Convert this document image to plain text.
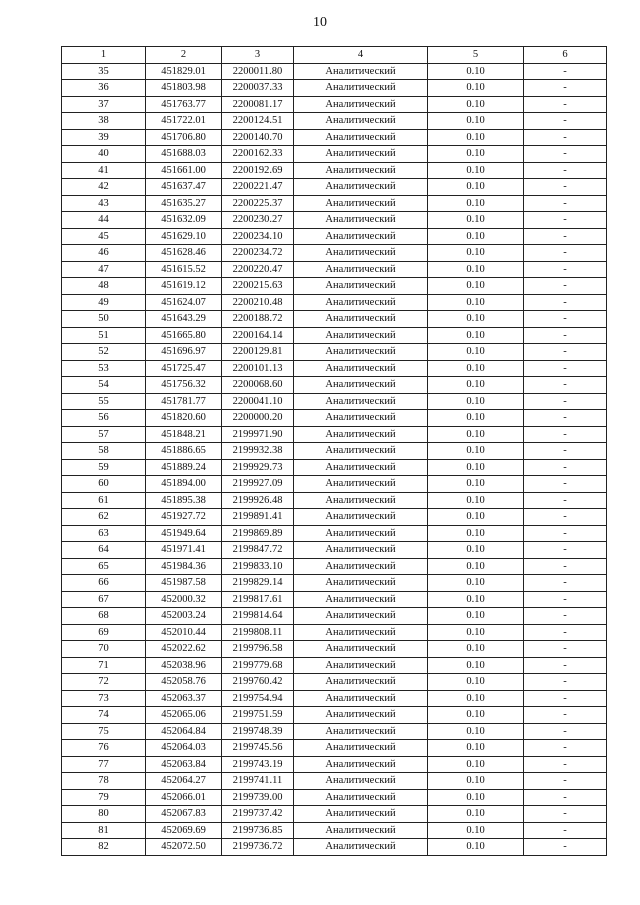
10
1	2	3	4	5	6
35	451829.01	2200011.80	Аналитический	0.10	-
36	451803.98	2200037.33	Аналитический	0.10	-
37	451763.77	2200081.17	Аналитический	0.10	-
38	451722.01	2200124.51	Аналитический	0.10	-
39	451706.80	2200140.70	Аналитический	0.10	-
40	451688.03	2200162.33	Аналитический	0.10	-
41	451661.00	2200192.69	Аналитический	0.10	-
42	451637.47	2200221.47	Аналитический	0.10	-
43	451635.27	2200225.37	Аналитический	0.10	-
44	451632.09	2200230.27	Аналитический	0.10	-
45	451629.10	2200234.10	Аналитический	0.10	-
46	451628.46	2200234.72	Аналитический	0.10	-
47	451615.52	2200220.47	Аналитический	0.10	-
48	451619.12	2200215.63	Аналитический	0.10	-
49	451624.07	2200210.48	Аналитический	0.10	-
50	451643.29	2200188.72	Аналитический	0.10	-
51	451665.80	2200164.14	Аналитический	0.10	-
52	451696.97	2200129.81	Аналитический	0.10	-
53	451725.47	2200101.13	Аналитический	0.10	-
54	451756.32	2200068.60	Аналитический	0.10	-
55	451781.77	2200041.10	Аналитический	0.10	-
56	451820.60	2200000.20	Аналитический	0.10	-
57	451848.21	2199971.90	Аналитический	0.10	-
58	451886.65	2199932.38	Аналитический	0.10	-
59	451889.24	2199929.73	Аналитический	0.10	-
60	451894.00	2199927.09	Аналитический	0.10	-
61	451895.38	2199926.48	Аналитический	0.10	-
62	451927.72	2199891.41	Аналитический	0.10	-
63	451949.64	2199869.89	Аналитический	0.10	-
64	451971.41	2199847.72	Аналитический	0.10	-
65	451984.36	2199833.10	Аналитический	0.10	-
66	451987.58	2199829.14	Аналитический	0.10	-
67	452000.32	2199817.61	Аналитический	0.10	-
68	452003.24	2199814.64	Аналитический	0.10	-
69	452010.44	2199808.11	Аналитический	0.10	-
70	452022.62	2199796.58	Аналитический	0.10	-
71	452038.96	2199779.68	Аналитический	0.10	-
72	452058.76	2199760.42	Аналитический	0.10	-
73	452063.37	2199754.94	Аналитический	0.10	-
74	452065.06	2199751.59	Аналитический	0.10	-
75	452064.84	2199748.39	Аналитический	0.10	-
76	452064.03	2199745.56	Аналитический	0.10	-
77	452063.84	2199743.19	Аналитический	0.10	-
78	452064.27	2199741.11	Аналитический	0.10	-
79	452066.01	2199739.00	Аналитический	0.10	-
80	452067.83	2199737.42	Аналитический	0.10	-
81	452069.69	2199736.85	Аналитический	0.10	-
82	452072.50	2199736.72	Аналитический	0.10	-
